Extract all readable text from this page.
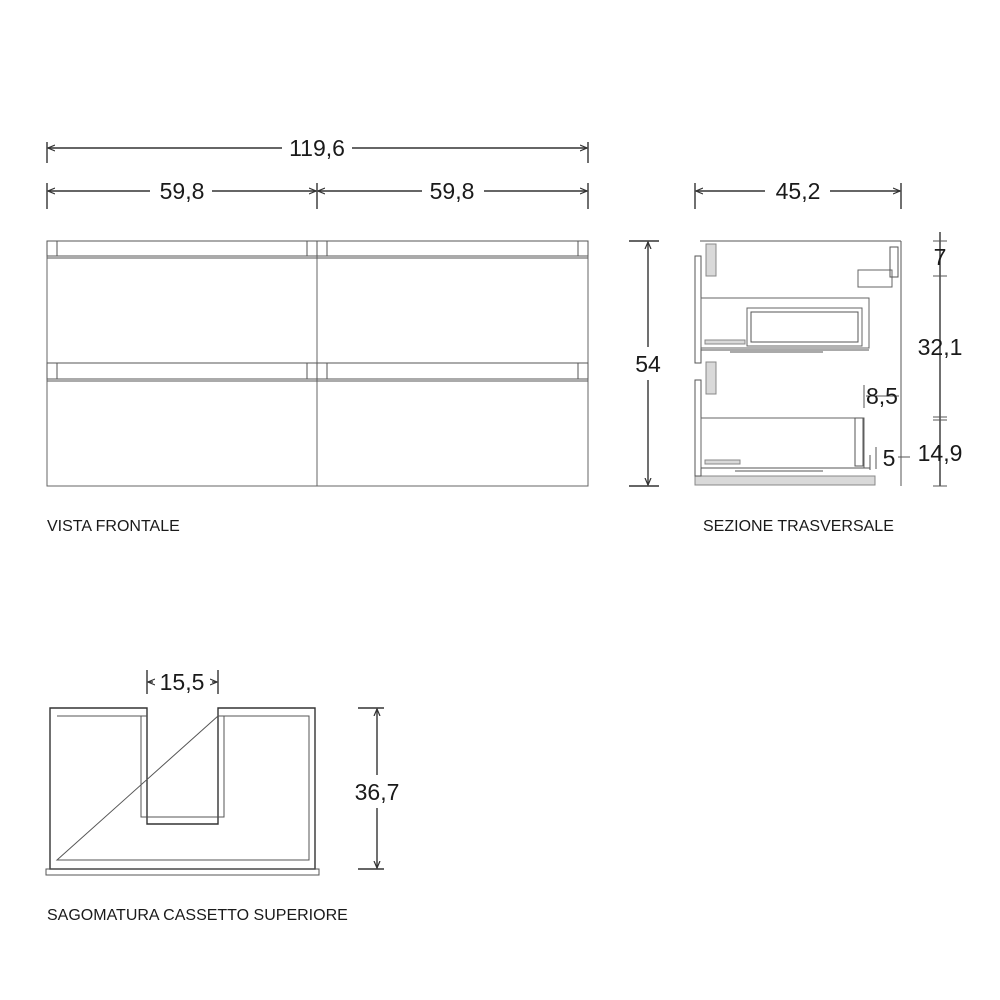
119,6
59,8	59,8
54
VISTA FRONTALE
45,2
7
32,1
14,9
8,5
5
SEZIONE TRASVERSALE
15,5
36,7
SAGOMATURA CASSETTO SUPERIORE
